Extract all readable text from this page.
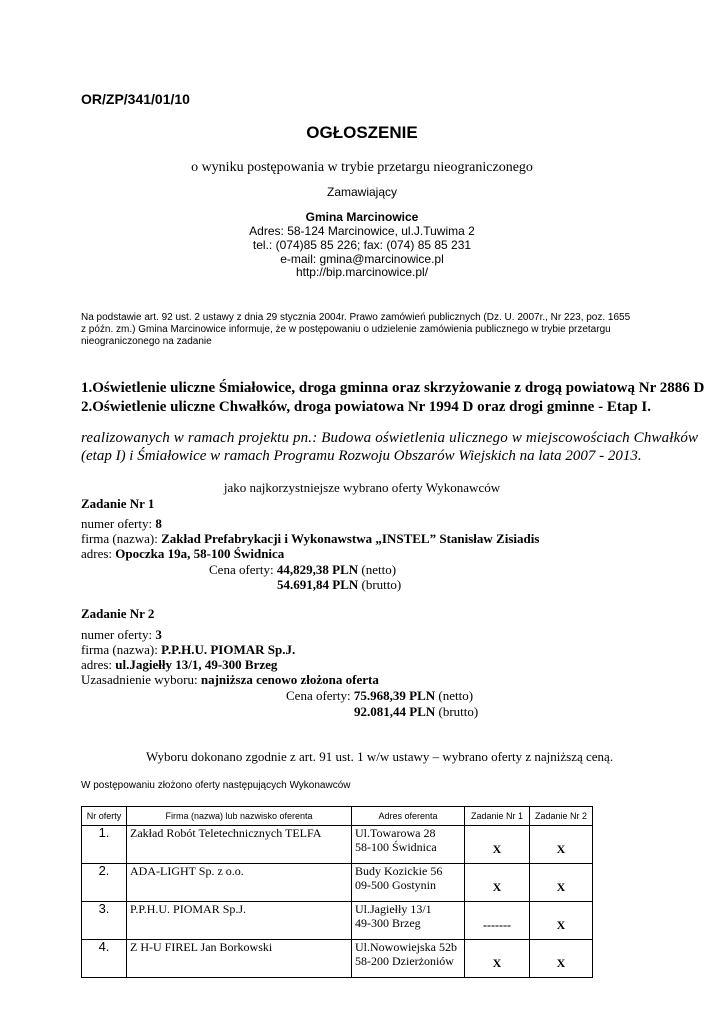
OR/ZP/341/01/10
OGŁOSZENIE
o wyniku postępowania w trybie przetargu nieograniczonego
Zamawiający
Gmina Marcinowice
Adres: 58-124 Marcinowice, ul.J.Tuwima 2
tel.: (074)85 85 226; fax: (074) 85 85 231
e-mail: gmina@marcinowice.pl
http://bip.marcinowice.pl/
Na podstawie art. 92 ust. 2 ustawy z dnia 29 stycznia 2004r. Prawo zamówień publicznych (Dz. U. 2007r., Nr 223, poz. 1655
z późn. zm.) Gmina Marcinowice informuje, że w postępowaniu o udzielenie zamówienia publicznego w trybie przetargu
nieograniczonego na zadanie
1.Oświetlenie uliczne Śmiałowice, droga gminna oraz skrzyżowanie z drogą powiatową Nr 2886 D
2.Oświetlenie uliczne Chwałków, droga powiatowa Nr 1994 D oraz drogi gminne - Etap I.
realizowanych w ramach projektu pn.: Budowa oświetlenia ulicznego w miejscowościach Chwałków
(etap I) i Śmiałowice w ramach Programu Rozwoju Obszarów Wiejskich na lata 2007 - 2013.
jako najkorzystniejsze wybrano oferty Wykonawców
Zadanie Nr 1
numer oferty: 8
firma (nazwa): Zakład Prefabrykacji i Wykonawstwa „INSTEL” Stanisław Zisiadis
adres: Opoczka 19a, 58-100 Świdnica
Cena oferty: 44,829,38 PLN (netto)
54.691,84 PLN (brutto)
Zadanie Nr 2
numer oferty: 3
firma (nazwa): P.P.H.U. PIOMAR Sp.J.
adres: ul.Jagiełły 13/1, 49-300 Brzeg
Uzasadnienie wyboru: najniższa cenowo złożona oferta
Cena oferty: 75.968,39 PLN (netto)
92.081,44 PLN (brutto)
Wyboru dokonano zgodnie z art. 91 ust. 1 w/w ustawy – wybrano oferty z najniższą ceną.
W postępowaniu złożono oferty następujących Wykonawców
Nr oferty	Firma (nazwa) lub nazwisko oferenta	Adres oferenta	Zadanie Nr 1	Zadanie Nr 2
1.	Zakład Robót Teletechnicznych TELFA	Ul.Towarowa 28
58-100 Świdnica	X	X
2.	ADA-LIGHT Sp. z o.o.	Budy Kozickie 56
09-500 Gostynin	X	X
3.	P.P.H.U. PIOMAR Sp.J.	Ul.Jagiełły 13/1
49-300 Brzeg	-------	X
4.	Z H-U FIREL Jan Borkowski	Ul.Nowowiejska 52b
58-200 Dzierżoniów	X	X
